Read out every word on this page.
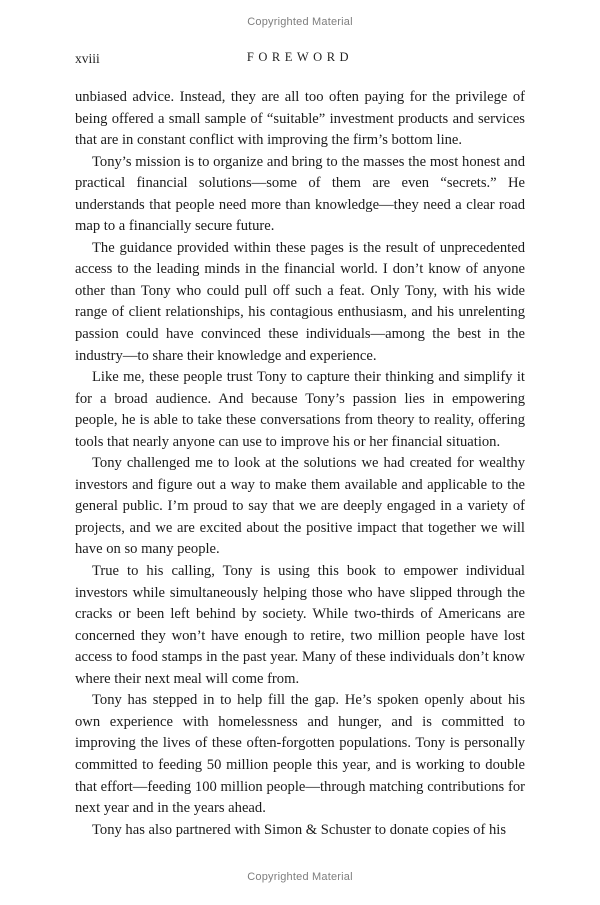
Copyrighted Material
xviii	FOREWORD

unbiased advice. Instead, they are all too often paying for the privilege of being offered a small sample of “suitable” investment products and services that are in constant conflict with improving the firm’s bottom line.

Tony’s mission is to organize and bring to the masses the most honest and practical financial solutions—some of them are even “secrets.” He understands that people need more than knowledge—they need a clear road map to a financially secure future.

The guidance provided within these pages is the result of unprecedented access to the leading minds in the financial world. I don’t know of anyone other than Tony who could pull off such a feat. Only Tony, with his wide range of client relationships, his contagious enthusiasm, and his unrelenting passion could have convinced these individuals—among the best in the industry—to share their knowledge and experience.

Like me, these people trust Tony to capture their thinking and simplify it for a broad audience. And because Tony’s passion lies in empowering people, he is able to take these conversations from theory to reality, offering tools that nearly anyone can use to improve his or her financial situation.

Tony challenged me to look at the solutions we had created for wealthy investors and figure out a way to make them available and applicable to the general public. I’m proud to say that we are deeply engaged in a variety of projects, and we are excited about the positive impact that together we will have on so many people.

True to his calling, Tony is using this book to empower individual investors while simultaneously helping those who have slipped through the cracks or been left behind by society. While two-thirds of Americans are concerned they won’t have enough to retire, two million people have lost access to food stamps in the past year. Many of these individuals don’t know where their next meal will come from.

Tony has stepped in to help fill the gap. He’s spoken openly about his own experience with homelessness and hunger, and is committed to improving the lives of these often-forgotten populations. Tony is personally committed to feeding 50 million people this year, and is working to double that effort—feeding 100 million people—through matching contributions for next year and in the years ahead.

Tony has also partnered with Simon & Schuster to donate copies of his

Copyrighted Material
